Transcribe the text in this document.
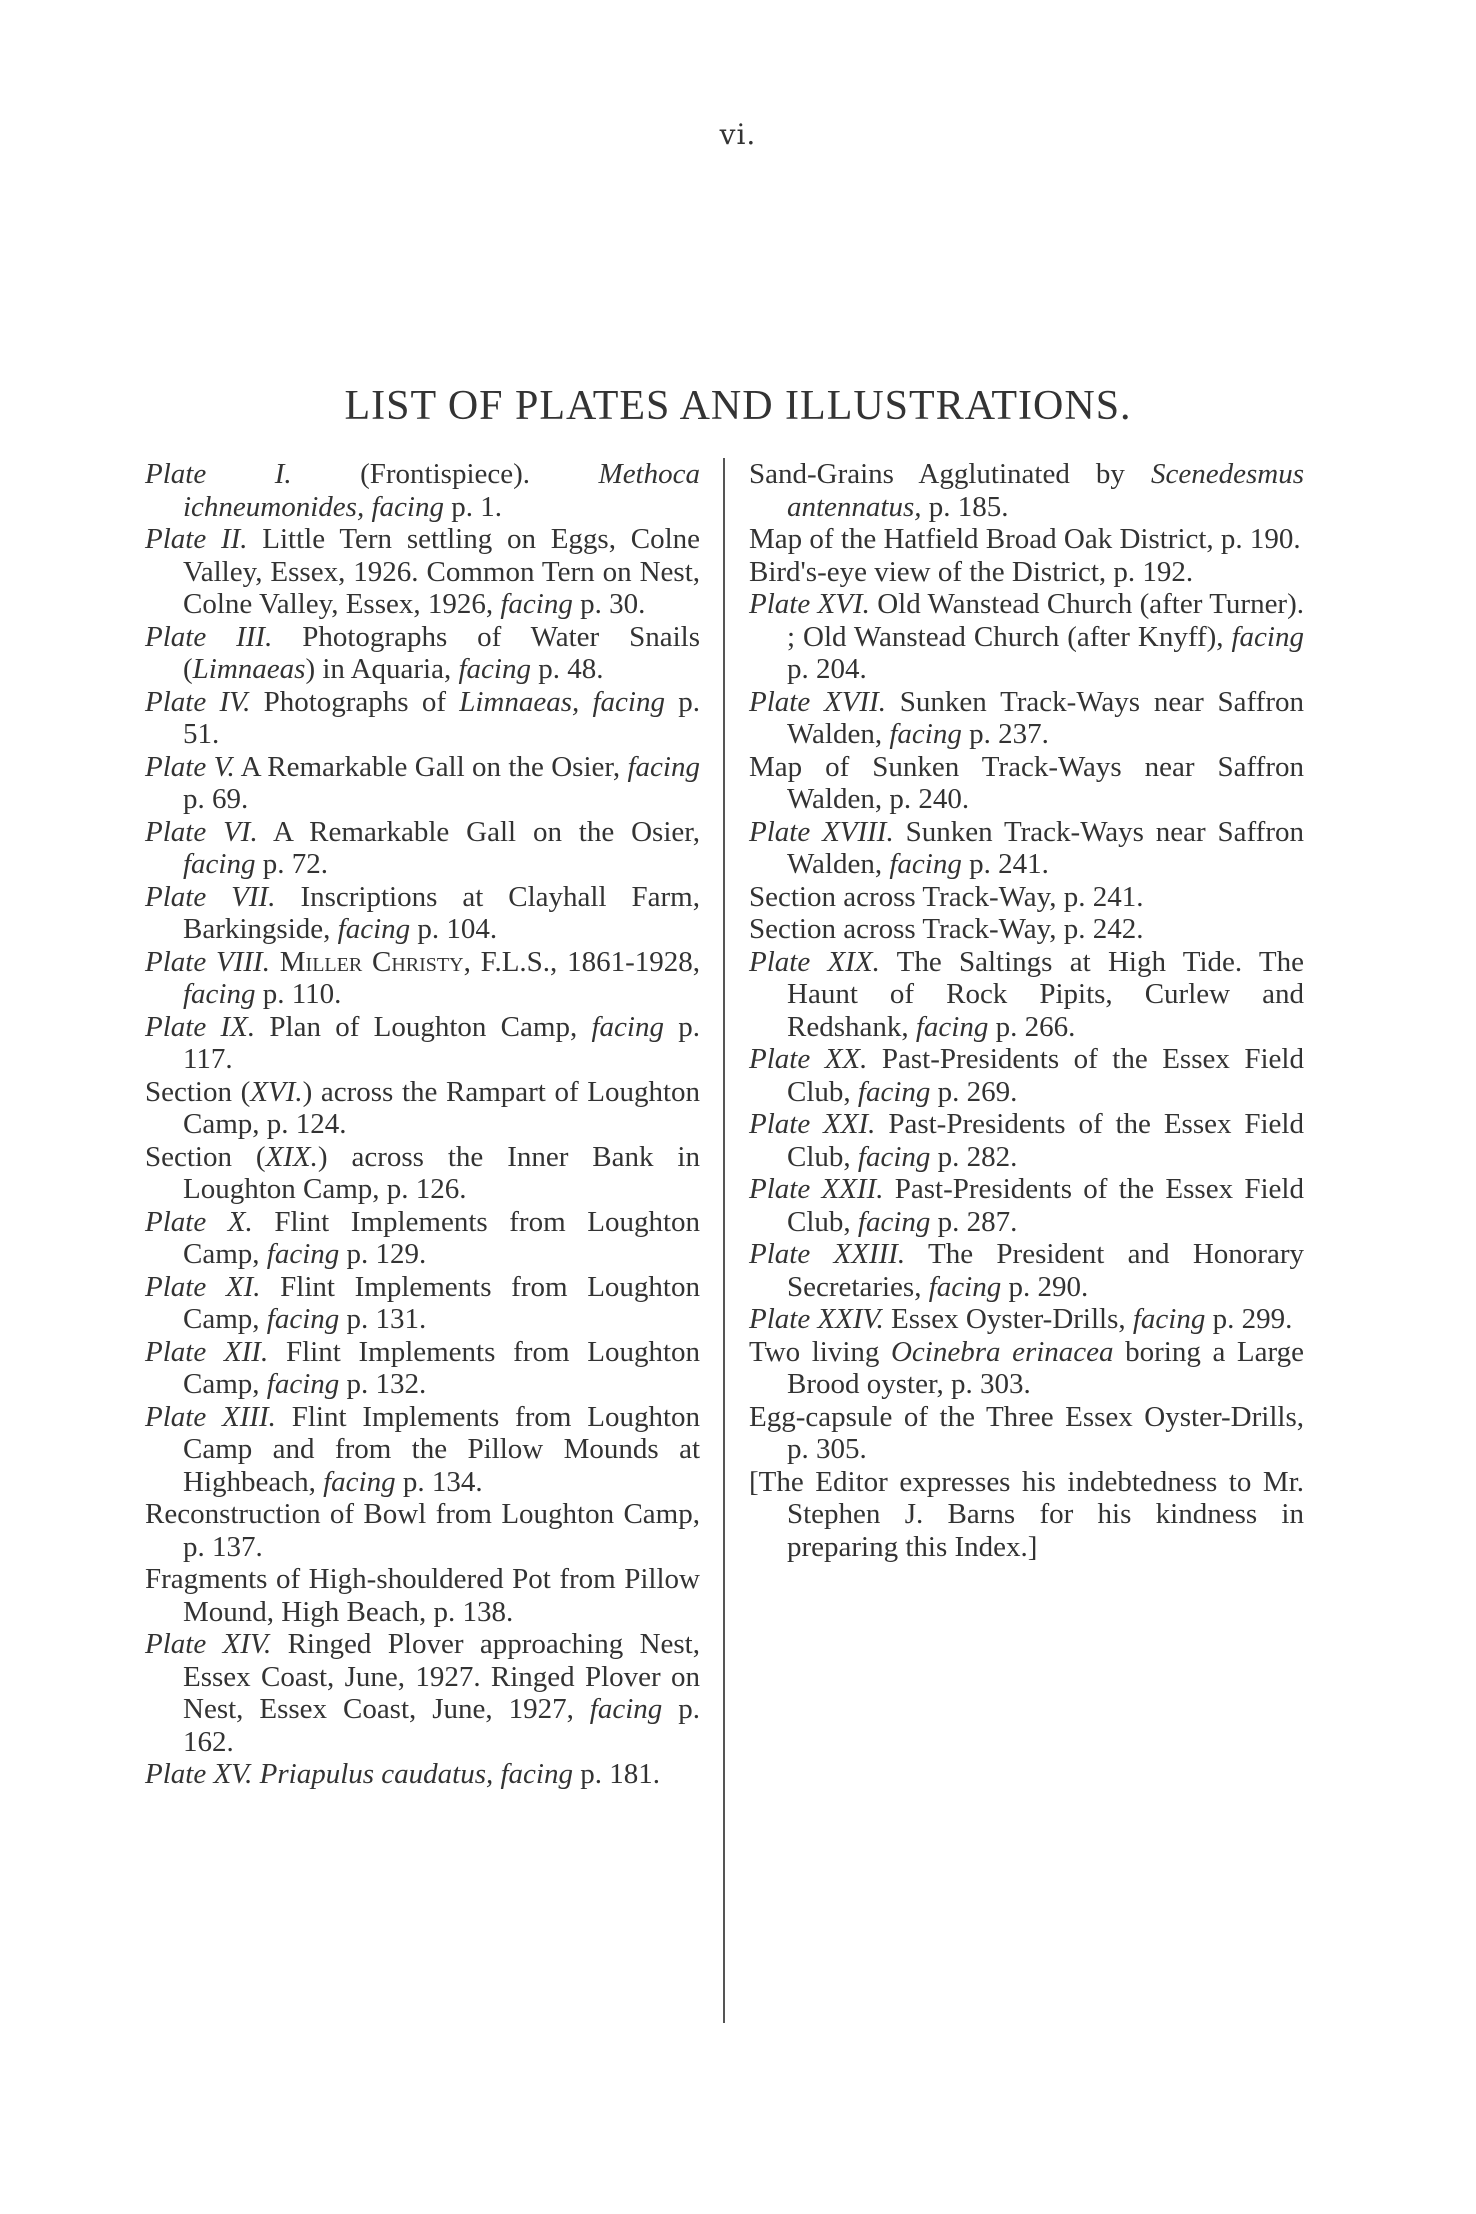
vi.
LIST OF PLATES AND ILLUSTRATIONS.

Plate I. (Frontispiece). Methoca ichneumonides, facing p. 1.

Plate II. Little Tern settling on Eggs, Colne Valley, Essex, 1926. Common Tern on Nest, Colne Valley, Essex, 1926, facing p. 30.

Plate III. Photographs of Water Snails (Limnaeas) in Aquaria, facing p. 48.

Plate IV. Photographs of Limnaeas, facing p. 51.

Plate V. A Remarkable Gall on the Osier, facing p. 69.

Plate VI. A Remarkable Gall on the Osier, facing p. 72.

Plate VII. Inscriptions at Clayhall Farm, Barkingside, facing p. 104.

Plate VIII. Miller Christy, F.L.S., 1861-1928, facing p. 110.

Plate IX. Plan of Loughton Camp, facing p. 117.

Section (XVI.) across the Rampart of Loughton Camp, p. 124.

Section (XIX.) across the Inner Bank in Loughton Camp, p. 126.

Plate X. Flint Implements from Loughton Camp, facing p. 129.

Plate XI. Flint Implements from Loughton Camp, facing p. 131.

Plate XII. Flint Implements from Loughton Camp, facing p. 132.

Plate XIII. Flint Implements from Loughton Camp and from the Pillow Mounds at Highbeach, facing p. 134.

Reconstruction of Bowl from Loughton Camp, p. 137.

Fragments of High-shouldered Pot from Pillow Mound, High Beach, p. 138.

Plate XIV. Ringed Plover approaching Nest, Essex Coast, June, 1927. Ringed Plover on Nest, Essex Coast, June, 1927, facing p. 162.

Plate XV. Priapulus caudatus, facing p. 181.

Sand-Grains Agglutinated by Scenedesmus antennatus, p. 185.

Map of the Hatfield Broad Oak District, p. 190.

Bird's-eye view of the District, p. 192.

Plate XVI. Old Wanstead Church (after Turner). ; Old Wanstead Church (after Knyff), facing p. 204.

Plate XVII. Sunken Track-Ways near Saffron Walden, facing p. 237.

Map of Sunken Track-Ways near Saffron Walden, p. 240.

Plate XVIII. Sunken Track-Ways near Saffron Walden, facing p. 241.

Section across Track-Way, p. 241.

Section across Track-Way, p. 242.

Plate XIX. The Saltings at High Tide. The Haunt of Rock Pipits, Curlew and Redshank, facing p. 266.

Plate XX. Past-Presidents of the Essex Field Club, facing p. 269.

Plate XXI. Past-Presidents of the Essex Field Club, facing p. 282.

Plate XXII. Past-Presidents of the Essex Field Club, facing p. 287.

Plate XXIII. The President and Honorary Secretaries, facing p. 290.

Plate XXIV. Essex Oyster-Drills, facing p. 299.

Two living Ocinebra erinacea boring a Large Brood oyster, p. 303.

Egg-capsule of the Three Essex Oyster-Drills, p. 305.

[The Editor expresses his indebtedness to Mr. Stephen J. Barns for his kindness in preparing this Index.]
